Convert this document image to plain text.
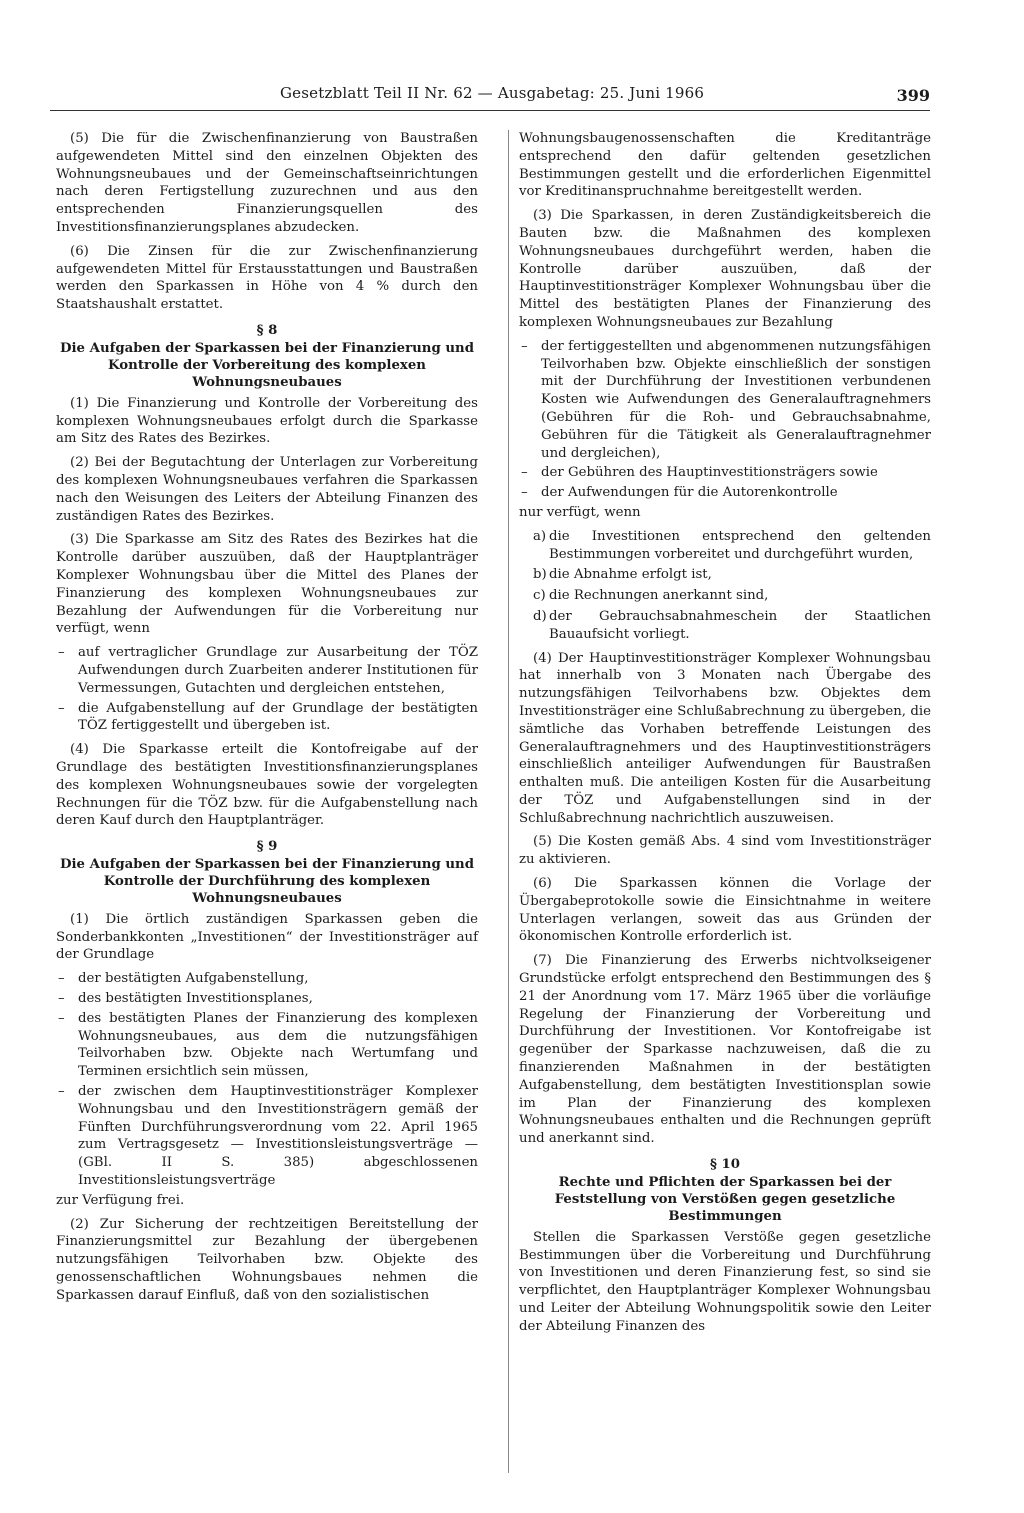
Gesetzblatt Teil II Nr. 62 — Ausgabetag: 25. Juni 1966	399

(5) Die für die Zwischenfinanzierung von Baustraßen aufgewendeten Mittel sind den einzelnen Objekten des Wohnungsneubaues und der Gemeinschaftseinrichtungen nach deren Fertigstellung zuzurechnen und aus den entsprechenden Finanzierungsquellen des Investitionsfinanzierungsplanes abzudecken.

(6) Die Zinsen für die zur Zwischenfinanzierung aufgewendeten Mittel für Erstausstattungen und Baustraßen werden den Sparkassen in Höhe von 4 % durch den Staatshaushalt erstattet.

§ 8

Die Aufgaben der Sparkassen bei der Finanzierung und Kontrolle der Vorbereitung des komplexen Wohnungsneubaues

(1) Die Finanzierung und Kontrolle der Vorbereitung des komplexen Wohnungsneubaues erfolgt durch die Sparkasse am Sitz des Rates des Bezirkes.

(2) Bei der Begutachtung der Unterlagen zur Vorbereitung des komplexen Wohnungsneubaues verfahren die Sparkassen nach den Weisungen des Leiters der Abteilung Finanzen des zuständigen Rates des Bezirkes.

(3) Die Sparkasse am Sitz des Rates des Bezirkes hat die Kontrolle darüber auszuüben, daß der Hauptplanträger Komplexer Wohnungsbau über die Mittel des Planes der Finanzierung des komplexen Wohnungsneubaues zur Bezahlung der Aufwendungen für die Vorbereitung nur verfügt, wenn

– auf vertraglicher Grundlage zur Ausarbeitung der TÖZ Aufwendungen durch Zuarbeiten anderer Institutionen für Vermessungen, Gutachten und dergleichen entstehen,

– die Aufgabenstellung auf der Grundlage der bestätigten TÖZ fertiggestellt und übergeben ist.

(4) Die Sparkasse erteilt die Kontofreigabe auf der Grundlage des bestätigten Investitionsfinanzierungsplanes des komplexen Wohnungsneubaues sowie der vorgelegten Rechnungen für die TÖZ bzw. für die Aufgabenstellung nach deren Kauf durch den Hauptplanträger.

§ 9

Die Aufgaben der Sparkassen bei der Finanzierung und Kontrolle der Durchführung des komplexen Wohnungsneubaues

(1) Die örtlich zuständigen Sparkassen geben die Sonderbankkonten „Investitionen“ der Investitionsträger auf der Grundlage

– der bestätigten Aufgabenstellung,

– des bestätigten Investitionsplanes,

– des bestätigten Planes der Finanzierung des komplexen Wohnungsneubaues, aus dem die nutzungsfähigen Teilvorhaben bzw. Objekte nach Wertumfang und Terminen ersichtlich sein müssen,

– der zwischen dem Hauptinvestitionsträger Komplexer Wohnungsbau und den Investitionsträgern gemäß der Fünften Durchführungsverordnung vom 22. April 1965 zum Vertragsgesetz — Investitionsleistungsverträge — (GBl. II S. 385) abgeschlossenen Investitionsleistungsverträge

zur Verfügung frei.

(2) Zur Sicherung der rechtzeitigen Bereitstellung der Finanzierungsmittel zur Bezahlung der übergebenen nutzungsfähigen Teilvorhaben bzw. Objekte des genossenschaftlichen Wohnungsbaues nehmen die Sparkassen darauf Einfluß, daß von den sozialistischen

Wohnungsbaugenossenschaften die Kreditanträge entsprechend den dafür geltenden gesetzlichen Bestimmungen gestellt und die erforderlichen Eigenmittel vor Kreditinanspruchnahme bereitgestellt werden.

(3) Die Sparkassen, in deren Zuständigkeitsbereich die Bauten bzw. die Maßnahmen des komplexen Wohnungsneubaues durchgeführt werden, haben die Kontrolle darüber auszuüben, daß der Hauptinvestitionsträger Komplexer Wohnungsbau über die Mittel des bestätigten Planes der Finanzierung des komplexen Wohnungsneubaues zur Bezahlung

– der fertiggestellten und abgenommenen nutzungsfähigen Teilvorhaben bzw. Objekte einschließlich der sonstigen mit der Durchführung der Investitionen verbundenen Kosten wie Aufwendungen des Generalauftragnehmers (Gebühren für die Roh- und Gebrauchsabnahme, Gebühren für die Tätigkeit als Generalauftragnehmer und dergleichen),

– der Gebühren des Hauptinvestitionsträgers sowie

– der Aufwendungen für die Autorenkontrolle

nur verfügt, wenn

a) die Investitionen entsprechend den geltenden Bestimmungen vorbereitet und durchgeführt wurden,

b) die Abnahme erfolgt ist,

c) die Rechnungen anerkannt sind,

d) der Gebrauchsabnahmeschein der Staatlichen Bauaufsicht vorliegt.

(4) Der Hauptinvestitionsträger Komplexer Wohnungsbau hat innerhalb von 3 Monaten nach Übergabe des nutzungsfähigen Teilvorhabens bzw. Objektes dem Investitionsträger eine Schlußabrechnung zu übergeben, die sämtliche das Vorhaben betreffende Leistungen des Generalauftragnehmers und des Hauptinvestitionsträgers einschließlich anteiliger Aufwendungen für Baustraßen enthalten muß. Die anteiligen Kosten für die Ausarbeitung der TÖZ und Aufgabenstellungen sind in der Schlußabrechnung nachrichtlich auszuweisen.

(5) Die Kosten gemäß Abs. 4 sind vom Investitionsträger zu aktivieren.

(6) Die Sparkassen können die Vorlage der Übergabeprotokolle sowie die Einsichtnahme in weitere Unterlagen verlangen, soweit das aus Gründen der ökonomischen Kontrolle erforderlich ist.

(7) Die Finanzierung des Erwerbs nichtvolkseigener Grundstücke erfolgt entsprechend den Bestimmungen des § 21 der Anordnung vom 17. März 1965 über die vorläufige Regelung der Finanzierung der Vorbereitung und Durchführung der Investitionen. Vor Kontofreigabe ist gegenüber der Sparkasse nachzuweisen, daß die zu finanzierenden Maßnahmen in der bestätigten Aufgabenstellung, dem bestätigten Investitionsplan sowie im Plan der Finanzierung des komplexen Wohnungsneubaues enthalten und die Rechnungen geprüft und anerkannt sind.

§ 10

Rechte und Pflichten der Sparkassen bei der Feststellung von Verstößen gegen gesetzliche Bestimmungen

Stellen die Sparkassen Verstöße gegen gesetzliche Bestimmungen über die Vorbereitung und Durchführung von Investitionen und deren Finanzierung fest, so sind sie verpflichtet, den Hauptplanträger Komplexer Wohnungsbau und Leiter der Abteilung Wohnungspolitik sowie den Leiter der Abteilung Finanzen des
